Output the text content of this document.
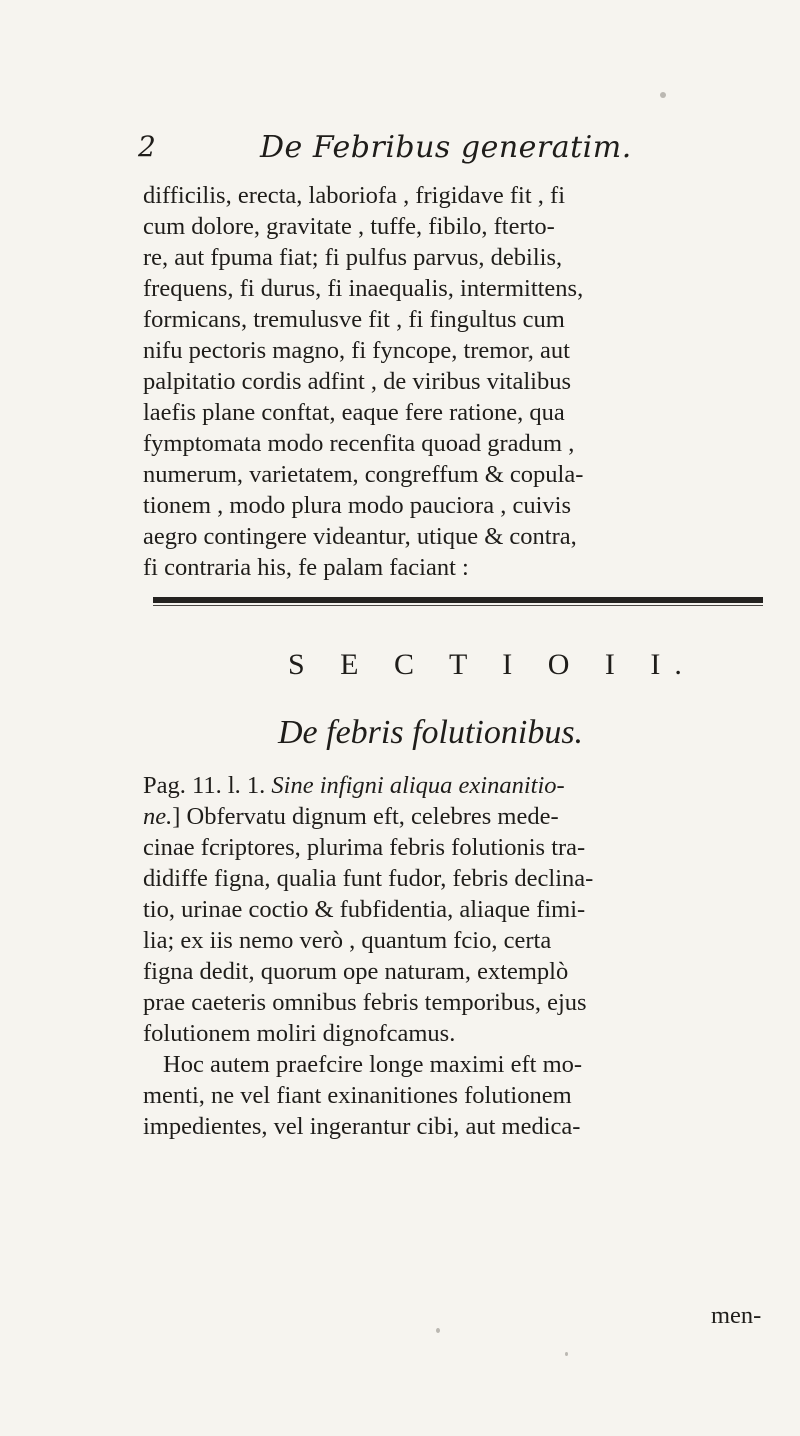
2	De Febribus generatim.

difficilis, erecta, laboriofa , frigidave fit , fi
cum dolore, gravitate , tuffe, fibilo, fterto-
re, aut fpuma fiat; fi pulfus parvus, debilis,
frequens, fi durus, fi inaequalis, intermittens,
formicans, tremulusve fit , fi fingultus cum
nifu pectoris magno, fi fyncope, tremor, aut
palpitatio cordis adfint , de viribus vitalibus
laefis plane conftat, eaque fere ratione, qua
fymptomata modo recenfita quoad gradum ,
numerum, varietatem, congreffum & copula-
tionem , modo plura modo pauciora , cuivis
aegro contingere videantur, utique & contra,
fi contraria his, fe palam faciant :

S E C T I O I I.
De febris folutionibus.

Pag. 11. l. 1. Sine infigni aliqua exinanitio-
ne.] Obfervatu dignum eft, celebres mede-
cinae fcriptores, plurima febris folutionis tra-
didiffe figna, qualia funt fudor, febris declina-
tio, urinae coctio & fubfidentia, aliaque fimi-
lia; ex iis nemo verò , quantum fcio, certa
figna dedit, quorum ope naturam, extemplò
prae caeteris omnibus febris temporibus, ejus
folutionem moliri dignofcamus.
Hoc autem praefcire longe maximi eft mo-
menti, ne vel fiant exinanitiones folutionem
impedientes, vel ingerantur cibi, aut medica-

men-
